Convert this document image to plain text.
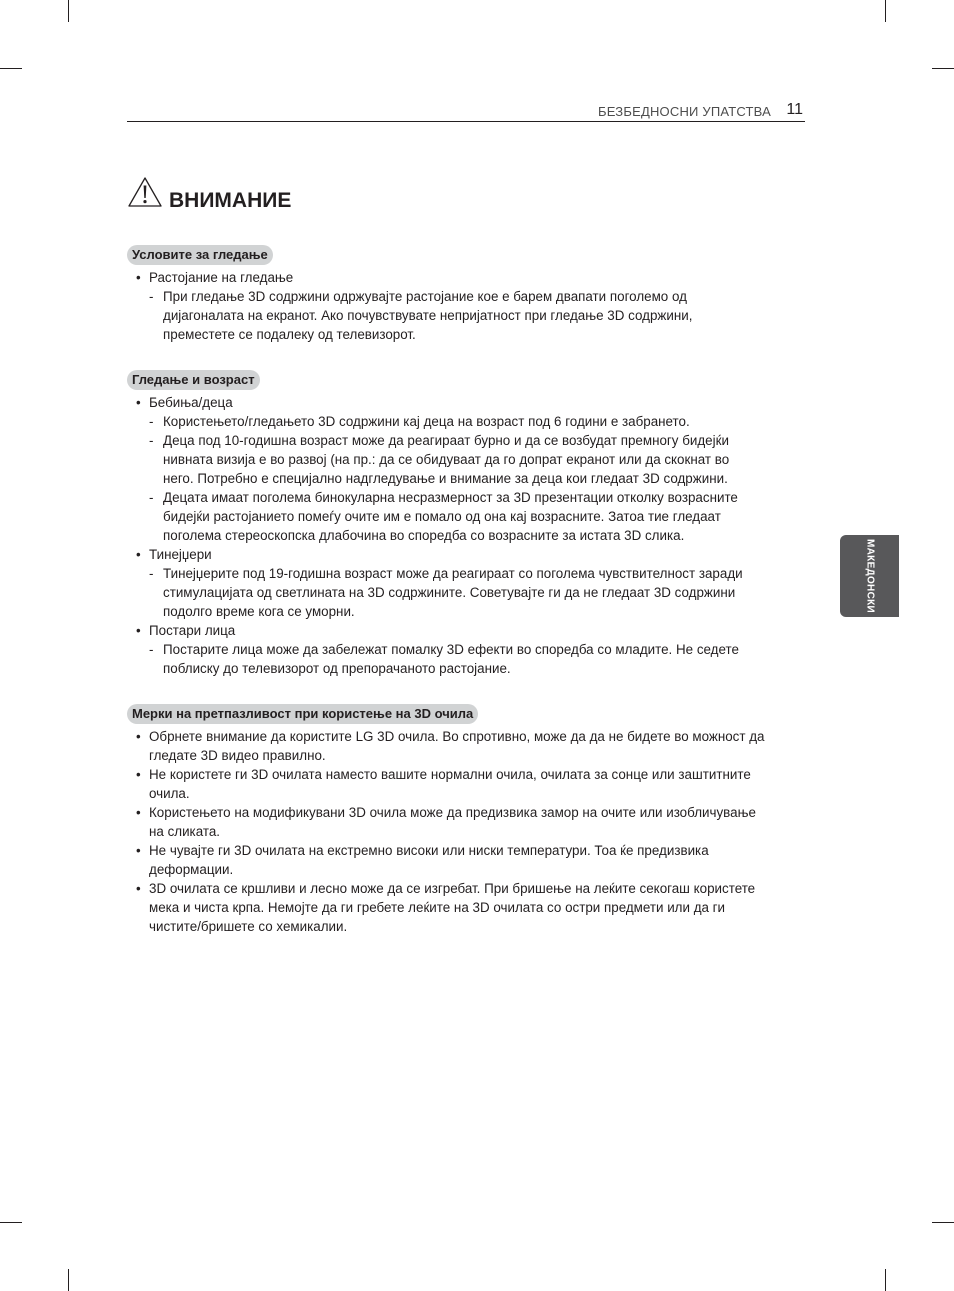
БЕЗБЕДНОСНИ УПАТСТВА 11
ВНИМАНИЕ
МАКЕДОНСКИ
Условите за гледање
• Растојание на гледање
- При гледање 3D содржини одржувајте растојание кое е барем двапати поголемо од
дијагоналата на екранот. Ако почувствувате непријатност при гледање 3D содржини,
преместете се подалеку од телевизорот.
Гледање и возраст
• Бебиња/деца
- Користењето/гледањето 3D содржини кај деца на возраст под 6 години е забрането.
- Деца под 10-годишна возраст може да реагираат бурно и да се возбудат премногу бидејќи
нивната визија е во развој (на пр.: да се обидуваат да го допрат екранот или да скокнат во
него. Потребно е специјално надгледување и внимание за деца кои гледаат 3D содржини.
- Децата имаат поголема бинокуларна несразмерност за 3D презентации отколку возрасните
бидејќи растојанието помеѓу очите им е помало од она кај возрасните. Затоа тие гледаат
поголема стереоскопска длабочина во споредба со возрасните за истата 3D слика.
• Тинејџери
- Тинејџерите под 19-годишна возраст може да реагираат со поголема чувствителност заради
стимулацијата од светлината на 3D содржините. Советувајте ги да не гледаат 3D содржини
подолго време кога се уморни.
• Постари лица
- Постарите лица може да забележат помалку 3D ефекти во споредба со младите. Не седете
поблиску до телевизорот од препорачаното растојание.
Мерки на претпазливост при користење на 3D очила
• Обрнете внимание да користите LG 3D очила. Во спротивно, може да да не бидете во можност да
гледате 3D видео правилно.
• Не користете ги 3D очилата наместо вашите нормални очила, очилата за сонце или заштитните
очила.
• Користењето на модификувани 3D очила може да предизвика замор на очите или изобличување
на сликата.
• Не чувајте ги 3D очилата на екстремно високи или ниски температури. Тоа ќе предизвика
деформации.
• 3D очилата се кршливи и лесно може да се изгребат. При бришење на леќите секогаш користете
мека и чиста крпа. Немојте да ги гребете леќите на 3D очилата со остри предмети или да ги
чистите/бришете со хемикалии.
